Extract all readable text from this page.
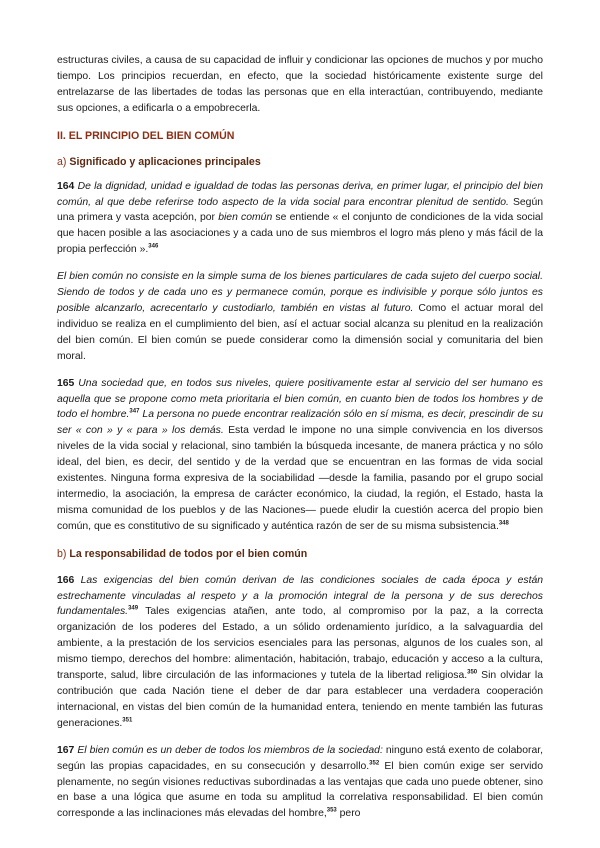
estructuras civiles, a causa de su capacidad de influir y condicionar las opciones de muchos y por mucho tiempo. Los principios recuerdan, en efecto, que la sociedad históricamente existente surge del entrelazarse de las libertades de todas las personas que en ella interactúan, contribuyendo, mediante sus opciones, a edificarla o a empobrecerla.

II. EL PRINCIPIO DEL BIEN COMÚN
a) Significado y aplicaciones principales

164 De la dignidad, unidad e igualdad de todas las personas deriva, en primer lugar, el principio del bien común, al que debe referirse todo aspecto de la vida social para encontrar plenitud de sentido. Según una primera y vasta acepción, por bien común se entiende « el conjunto de condiciones de la vida social que hacen posible a las asociaciones y a cada uno de sus miembros el logro más pleno y más fácil de la propia perfección ».$^{346}$

El bien común no consiste en la simple suma de los bienes particulares de cada sujeto del cuerpo social. Siendo de todos y de cada uno es y permanece común, porque es indivisible y porque sólo juntos es posible alcanzarlo, acrecentarlo y custodiarlo, también en vistas al futuro. Como el actuar moral del individuo se realiza en el cumplimiento del bien, así el actuar social alcanza su plenitud en la realización del bien común. El bien común se puede considerar como la dimensión social y comunitaria del bien moral.

165 Una sociedad que, en todos sus niveles, quiere positivamente estar al servicio del ser humano es aquella que se propone como meta prioritaria el bien común, en cuanto bien de todos los hombres y de todo el hombre.$^{347}$ La persona no puede encontrar realización sólo en sí misma, es decir, prescindir de su ser « con » y « para » los demás. Esta verdad le impone no una simple convivencia en los diversos niveles de la vida social y relacional, sino también la búsqueda incesante, de manera práctica y no sólo ideal, del bien, es decir, del sentido y de la verdad que se encuentran en las formas de vida social existentes. Ninguna forma expresiva de la sociabilidad —desde la familia, pasando por el grupo social intermedio, la asociación, la empresa de carácter económico, la ciudad, la región, el Estado, hasta la misma comunidad de los pueblos y de las Naciones— puede eludir la cuestión acerca del propio bien común, que es constitutivo de su significado y auténtica razón de ser de su misma subsistencia.$^{348}$

b) La responsabilidad de todos por el bien común

166 Las exigencias del bien común derivan de las condiciones sociales de cada época y están estrechamente vinculadas al respeto y a la promoción integral de la persona y de sus derechos fundamentales.$^{349}$ Tales exigencias atañen, ante todo, al compromiso por la paz, a la correcta organización de los poderes del Estado, a un sólido ordenamiento jurídico, a la salvaguardia del ambiente, a la prestación de los servicios esenciales para las personas, algunos de los cuales son, al mismo tiempo, derechos del hombre: alimentación, habitación, trabajo, educación y acceso a la cultura, transporte, salud, libre circulación de las informaciones y tutela de la libertad religiosa.$^{350}$ Sin olvidar la contribución que cada Nación tiene el deber de dar para establecer una verdadera cooperación internacional, en vistas del bien común de la humanidad entera, teniendo en mente también las futuras generaciones.$^{351}$

167 El bien común es un deber de todos los miembros de la sociedad: ninguno está exento de colaborar, según las propias capacidades, en su consecución y desarrollo.$^{352}$ El bien común exige ser servido plenamente, no según visiones reductivas subordinadas a las ventajas que cada uno puede obtener, sino en base a una lógica que asume en toda su amplitud la correlativa responsabilidad. El bien común corresponde a las inclinaciones más elevadas del hombre,$^{353}$ pero
